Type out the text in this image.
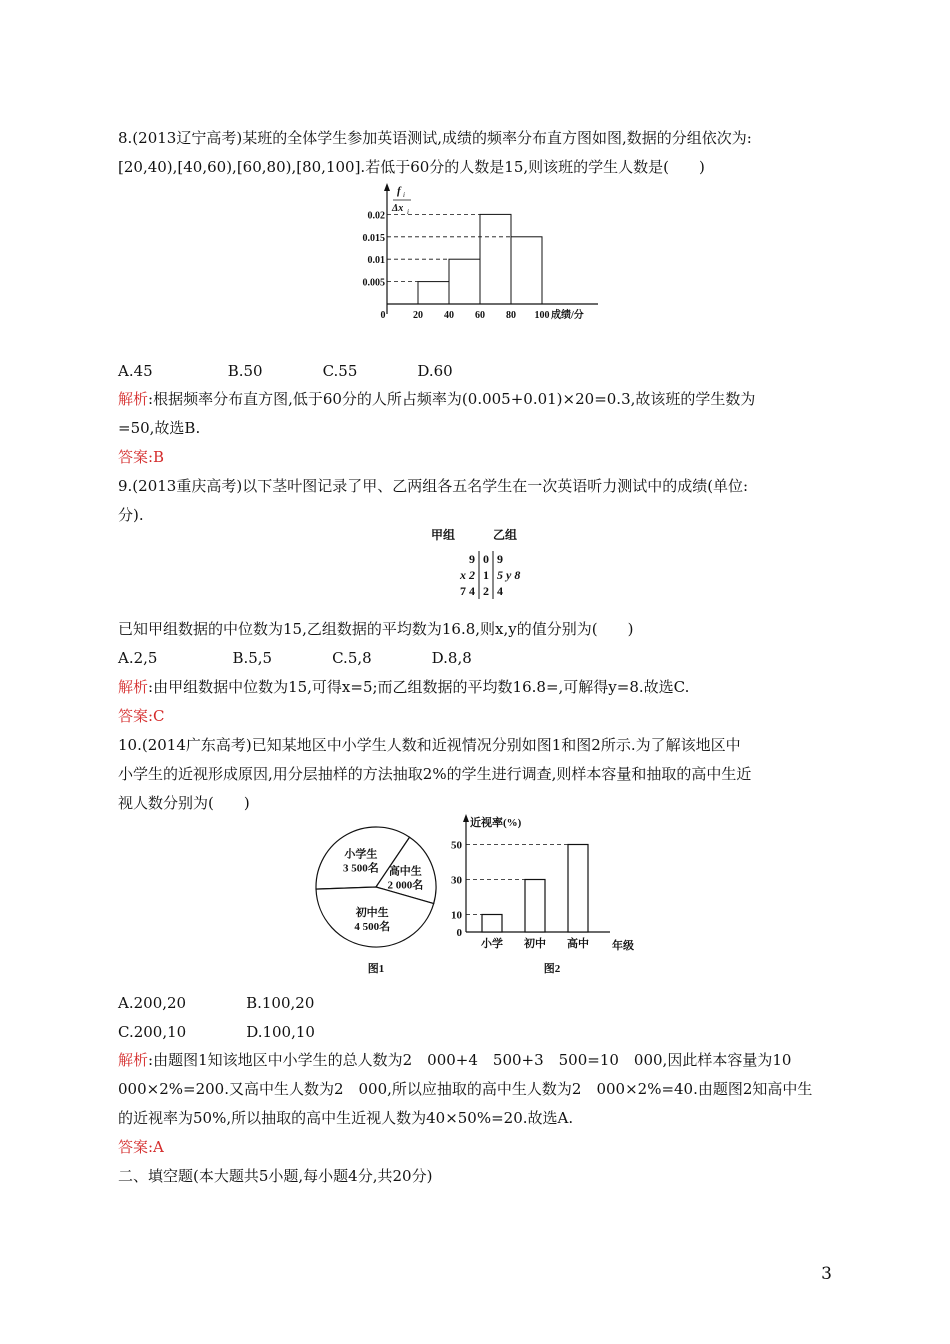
8.(2013辽宁高考)某班的全体学生参加英语测试,成绩的频率分布直方图如图,数据的分组依次为:
[20,40),[40,60),[60,80),[80,100].若低于60分的人数是15,则该班的学生人数是(　　)
f i
Δx i
0.005
0.01
0.015
0.02
0	20 40 60 80 100 成绩/分
A.45　　　　　B.50　　　　C.55　　　　D.60
解析:根据频率分布直方图,低于60分的人所占频率为(0.005+0.01)×20=0.3,故该班的学生数为
=50,故选B.
答案:B
9.(2013重庆高考)以下茎叶图记录了甲、乙两组各五名学生在一次英语听力测试中的成绩(单位:
分).
甲组	乙组
9 0 9
x 2 1 5 y 8
7 4 2 4
已知甲组数据的中位数为15,乙组数据的平均数为16.8,则x,y的值分别为(　　)
A.2,5　　　　　B.5,5　　　　C.5,8　　　　D.8,8
解析:由甲组数据中位数为15,可得x=5;而乙组数据的平均数16.8=,可解得y=8.故选C.
答案:C
10.(2014广东高考)已知某地区中小学生人数和近视情况分别如图1和图2所示.为了解该地区中
小学生的近视形成原因,用分层抽样的方法抽取2%的学生进行调查,则样本容量和抽取的高中生近
视人数分别为(　　)
小学生
3 500名 高中生
2 000名
初中生
4 500名
图1
近视率(%)
0
10
30
50
小学 初中 高中 年级
图2
A.200,20　　　　B.100,20
C.200,10　　　　D.100,10
解析:由题图1知该地区中小学生的总人数为2　000+4　500+3　500=10　000,因此样本容量为10
000×2%=200.又高中生人数为2　000,所以应抽取的高中生人数为2　000×2%=40.由题图2知高中生
的近视率为50%,所以抽取的高中生近视人数为40×50%=20.故选A.
答案:A
二、填空题(本大题共5小题,每小题4分,共20分)
3
